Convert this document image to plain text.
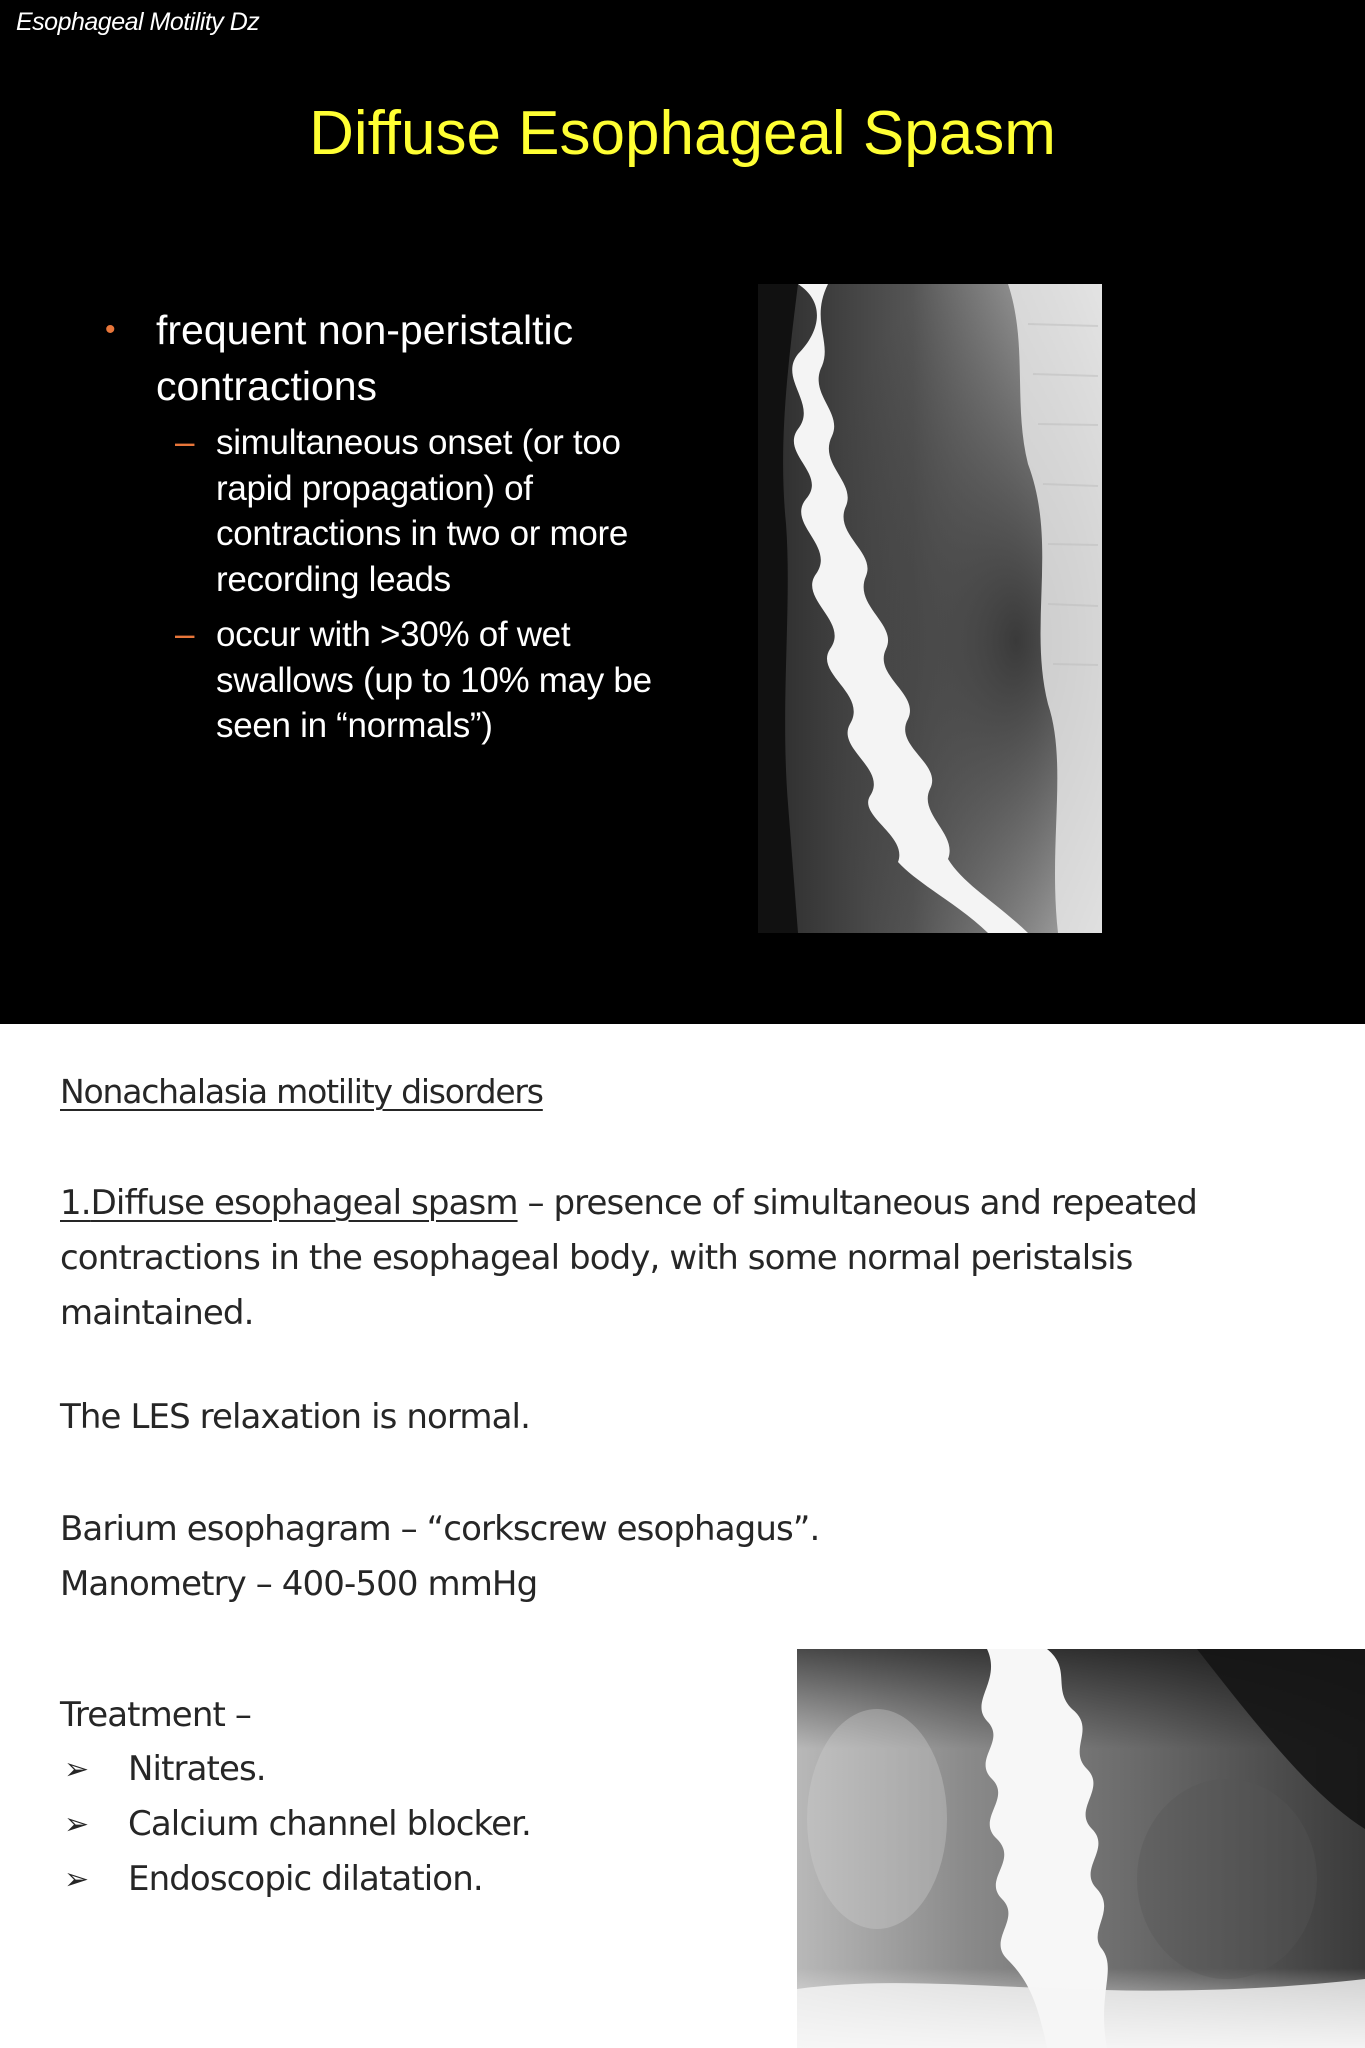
Esophageal Motility Dz
Diffuse Esophageal Spasm
• frequent non-peristaltic contractions
– simultaneous onset (or too rapid propagation) of contractions in two or more recording leads
– occur with >30% of wet swallows (up to 10% may be seen in “normals”)
Nonachalasia motility disorders
1.Diffuse esophageal spasm – presence of simultaneous and repeated contractions in the esophageal body, with some normal peristalsis maintained.
The LES relaxation is normal.
Barium esophagram – “corkscrew esophagus”.
Manometry – 400-500 mmHg
Treatment –
➢ Nitrates.
➢ Calcium channel blocker.
➢ Endoscopic dilatation.
